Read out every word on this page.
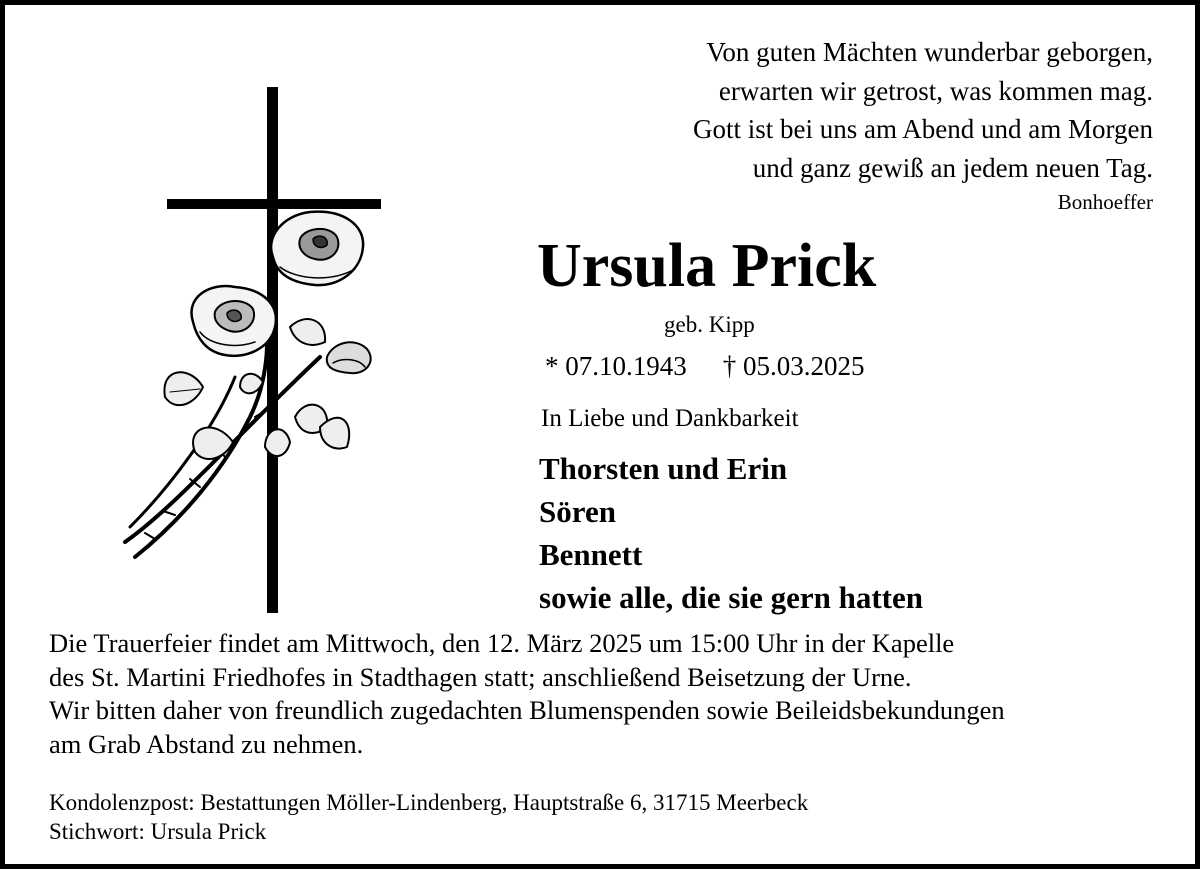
Von guten Mächten wunderbar geborgen,
erwarten wir getrost, was kommen mag.
Gott ist bei uns am Abend und am Morgen
und ganz gewiß an jedem neuen Tag.
Bonhoeffer
Ursula Prick
geb. Kipp
* 07.10.1943 † 05.03.2025
In Liebe und Dankbarkeit
Thorsten und Erin
Sören
Bennett
sowie alle, die sie gern hatten
Die Trauerfeier findet am Mittwoch, den 12. März 2025 um 15:00 Uhr in der Kapelle
des St. Martini Friedhofes in Stadthagen statt; anschließend Beisetzung der Urne.
Wir bitten daher von freundlich zugedachten Blumenspenden sowie Beileidsbekundungen
am Grab Abstand zu nehmen.
Kondolenzpost: Bestattungen Möller-Lindenberg, Hauptstraße 6, 31715 Meerbeck
Stichwort: Ursula Prick
